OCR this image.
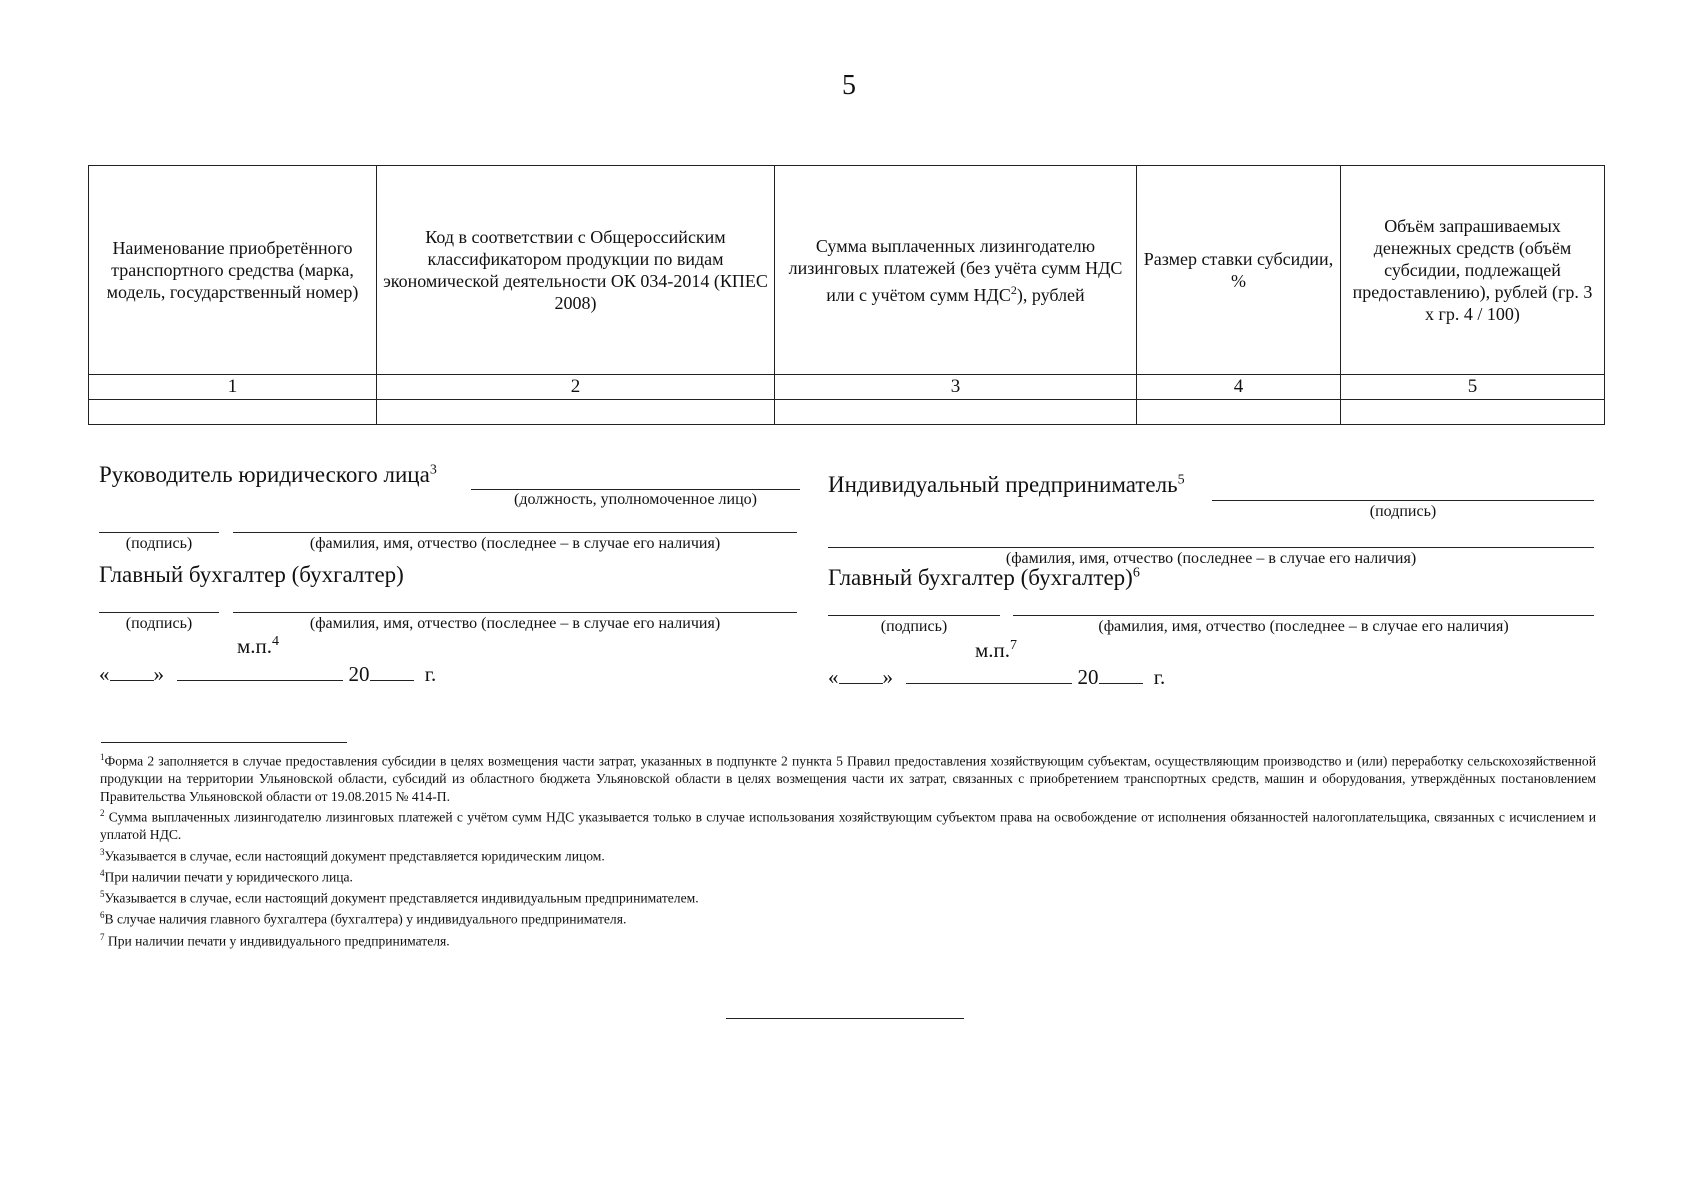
5
Наименование приобретённого транспортного средства (марка, модель, государственный номер)	Код в соответствии с Общероссийским классификатором продукции по видам экономической деятельности ОК 034-2014 (КПЕС 2008)	Сумма выплаченных лизингодателю лизинговых платежей (без учёта сумм НДС или с учётом сумм НДС$^2$), рублей	Размер ставки субсидии, %	Объём запрашиваемых денежных средств (объём субсидии, подлежащей предоставлению), рублей (гр. 3 х гр. 4 / 100)
1	2	3	4	5

Руководитель юридического лица$^3$
(должность, уполномоченное лицо)
(подпись)	(фамилия, имя, отчество (последнее – в случае его наличия)
Главный бухгалтер (бухгалтер)
(подпись)	(фамилия, имя, отчество (последнее – в случае его наличия)
м.п.$^4$
« »	20	г.
Индивидуальный предприниматель$^5$
(подпись)
(фамилия, имя, отчество (последнее – в случае его наличия)
Главный бухгалтер (бухгалтер)$^6$
(подпись)	(фамилия, имя, отчество (последнее – в случае его наличия)
м.п.$^7$
« »	20	г.

$^1$Форма 2 заполняется в случае предоставления субсидии в целях возмещения части затрат, указанных в подпункте 2 пункта 5 Правил предоставления хозяйствующим субъектам, осуществляющим производство и (или) переработку сельскохозяйственной продукции на территории Ульяновской области, субсидий из областного бюджета Ульяновской области в целях возмещения части их затрат, связанных с приобретением транспортных средств, машин и оборудования, утверждённых постановлением Правительства Ульяновской области от 19.08.2015 № 414-П.

$^2$ Сумма выплаченных лизингодателю лизинговых платежей с учётом сумм НДС указывается только в случае использования хозяйствующим субъектом права на освобождение от исполнения обязанностей налогоплательщика, связанных с исчислением и уплатой НДС.

$^3$Указывается в случае, если настоящий документ представляется юридическим лицом.

$^4$При наличии печати у юридического лица.

$^5$Указывается в случае, если настоящий документ представляется индивидуальным предпринимателем.

$^6$В случае наличия главного бухгалтера (бухгалтера) у индивидуального предпринимателя.

$^7$ При наличии печати у индивидуального предпринимателя.
